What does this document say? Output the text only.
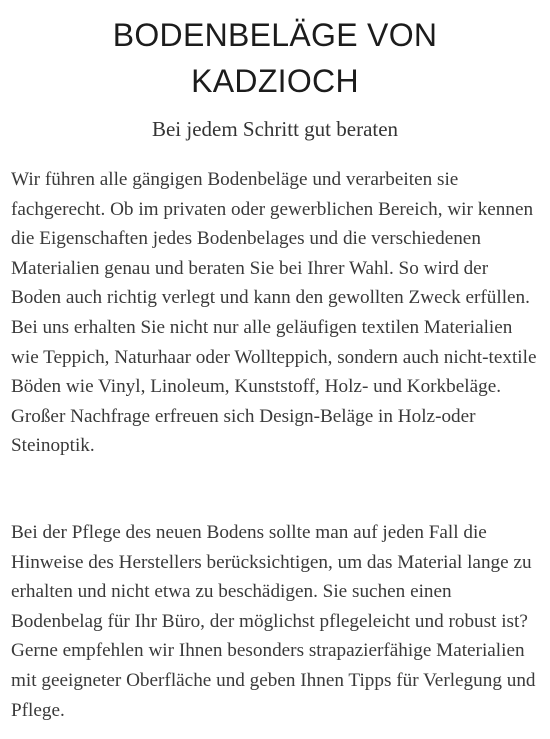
BODENBELÄGE VON
KADZIOCH
Bei jedem Schritt gut beraten

Wir führen alle gängigen Bodenbeläge und verarbeiten sie fachgerecht. Ob im privaten oder gewerblichen Bereich, wir kennen die Eigenschaften jedes Bodenbelages und die verschiedenen Materialien genau und beraten Sie bei Ihrer Wahl. So wird der Boden auch richtig verlegt und kann den gewollten Zweck erfüllen. Bei uns erhalten Sie nicht nur alle geläufigen textilen Materialien wie Teppich, Naturhaar oder Wollteppich, sondern auch nicht-textile Böden wie Vinyl, Linoleum, Kunststoff, Holz- und Korkbeläge. Großer Nachfrage erfreuen sich Design-Beläge in Holz-oder Steinoptik.

Bei der Pflege des neuen Bodens sollte man auf jeden Fall die Hinweise des Herstellers berücksichtigen, um das Material lange zu erhalten und nicht etwa zu beschädigen. Sie suchen einen Bodenbelag für Ihr Büro, der möglichst pflegeleicht und robust ist? Gerne empfehlen wir Ihnen besonders strapazierfähige Materialien mit geeigneter Oberfläche und geben Ihnen Tipps für Verlegung und Pflege.
